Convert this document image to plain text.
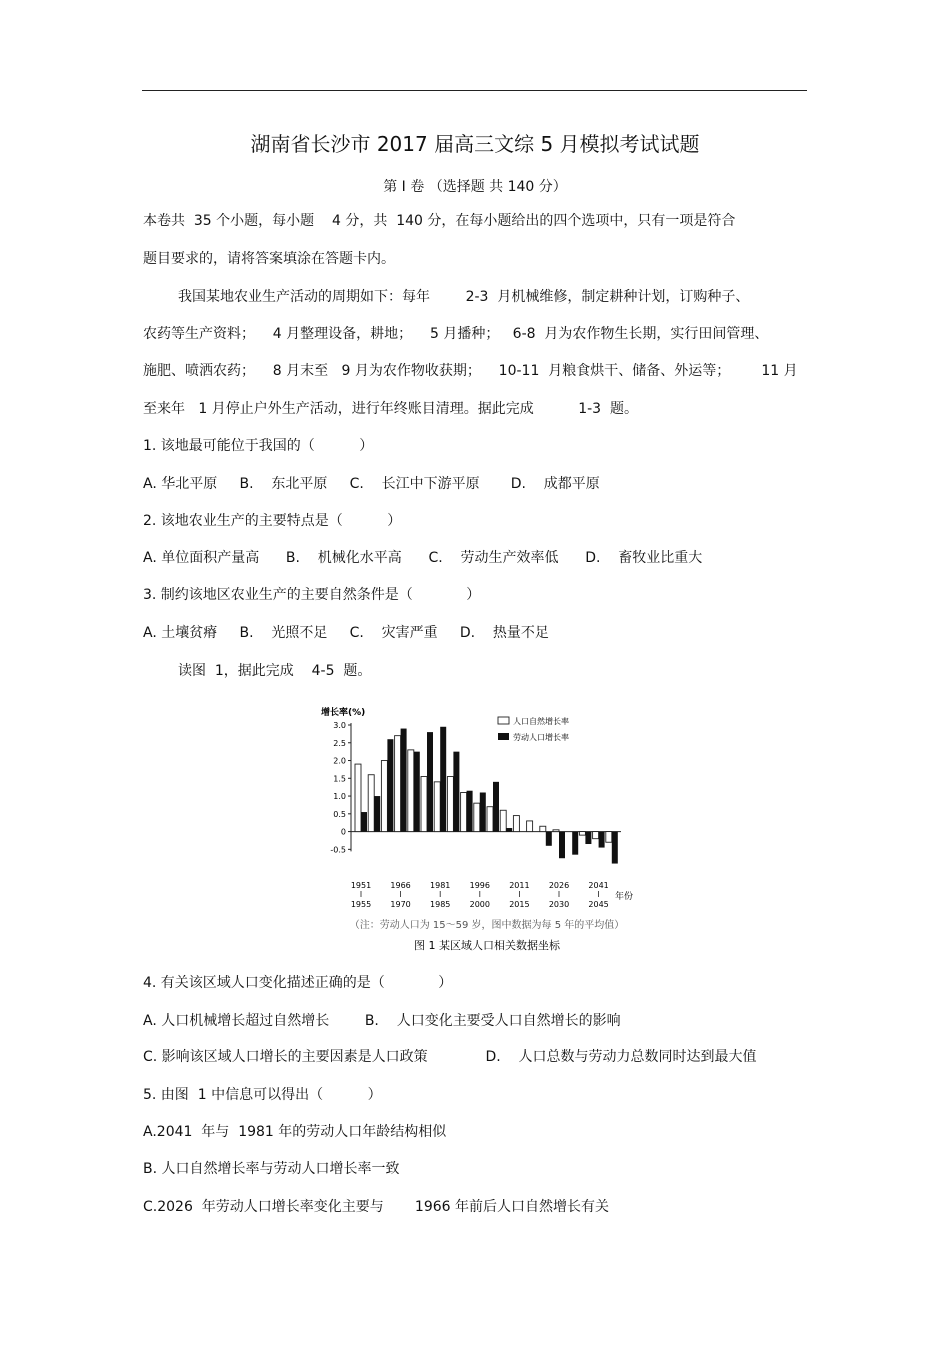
湖南省长沙市 2017 届高三文综 5 月模拟考试试题
第 I 卷 （选择题 共 140 分）
本卷共  35 个小题，每小题    4 分，共  140 分，在每小题给出的四个选项中，只有一项是符合
题目要求的，请将答案填涂在答题卡内。
我国某地农业生产活动的周期如下：每年        2-3  月机械维修，制定耕种计划，订购种子、
农药等生产资料；    4 月整理设备，耕地；    5 月播种；   6-8  月为农作物生长期，实行田间管理、
施肥、喷洒农药；    8 月末至   9 月为农作物收获期；    10-11  月粮食烘干、储备、外运等；       11 月
至来年   1 月停止户外生产活动，进行年终账目清理。据此完成          1-3  题。
1. 该地最可能位于我国的（          ）
A. 华北平原     B.    东北平原     C.    长江中下游平原       D.    成都平原
2. 该地农业生产的主要特点是（          ）
A. 单位面积产量高      B.    机械化水平高      C.    劳动生产效率低      D.    畜牧业比重大
3. 制约该地区农业生产的主要自然条件是（            ）
A. 土壤贫瘠     B.    光照不足     C.    灾害严重     D.    热量不足
读图  1，据此完成    4-5  题。
增长率(%)
3.0
2.5
2.0
1.5
1.0
0.5
0
-0.5
1951
1955
1966
1970
1981
1985
1996
2000
2011
2015
2026
2030
2041
2045
年份
人口自然增长率
劳动人口增长率
（注：劳动人口为 15～59 岁，图中数据为每 5 年的平均值）
图 1 某区域人口相关数据坐标
4. 有关该区域人口变化描述正确的是（            ）
A. 人口机械增长超过自然增长        B.    人口变化主要受人口自然增长的影响
C. 影响该区域人口增长的主要因素是人口政策             D.    人口总数与劳动力总数同时达到最大值
5. 由图  1 中信息可以得出（          ）
A.2041  年与  1981 年的劳动人口年龄结构相似
B. 人口自然增长率与劳动人口增长率一致
C.2026  年劳动人口增长率变化主要与       1966 年前后人口自然增长有关
